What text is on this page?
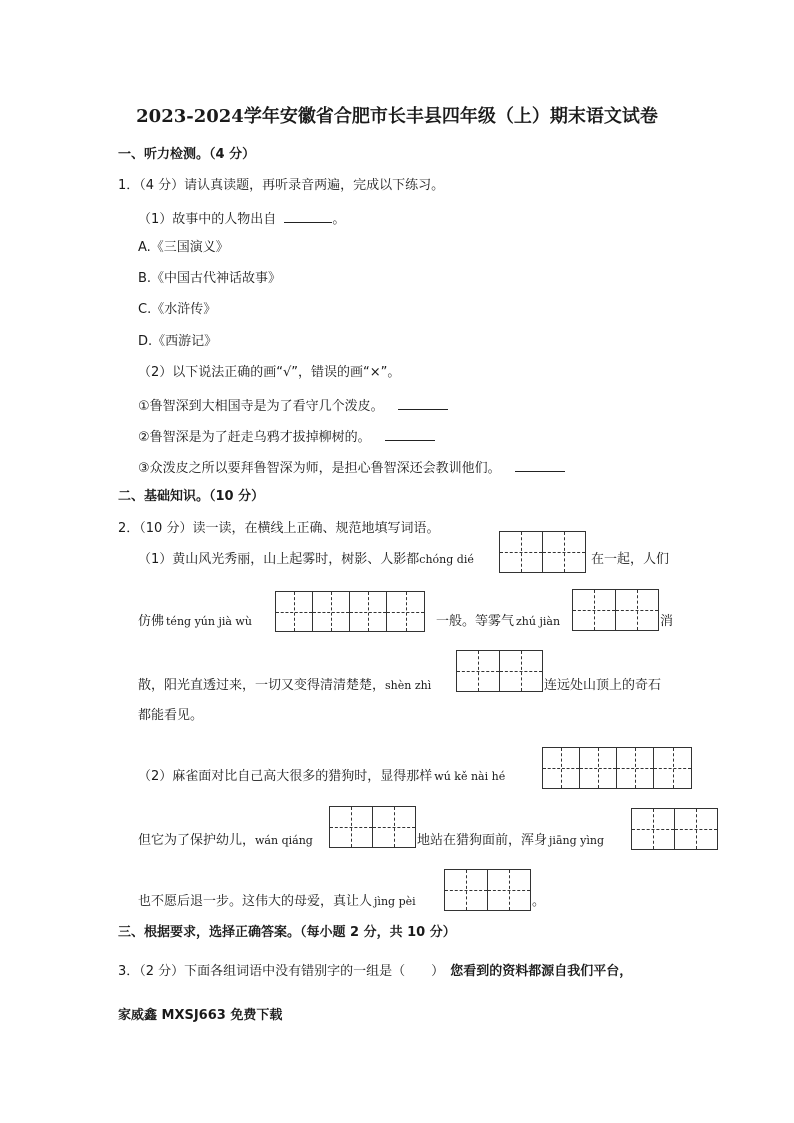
2023-2024学年安徽省合肥市长丰县四年级（上）期末语文试卷
一、听力检测。（4 分）
1．（4 分）请认真读题，再听录音两遍，完成以下练习。
（1）故事中的人物出自	。
A.《三国演义》
B.《中国古代神话故事》
C.《水浒传》
D.《西游记》
（2）以下说法正确的画“√”，错误的画“×”。
①鲁智深到大相国寺是为了看守几个泼皮。
②鲁智深是为了赶走乌鸦才拔掉柳树的。
③众泼皮之所以要拜鲁智深为师，是担心鲁智深还会教训他们。
二、基础知识。（10 分）
2．（10 分）读一读，在横线上正确、规范地填写词语。
（1）黄山风光秀丽，山上起雾时，树影、人影都chóng dié	在一起，人们
仿佛 téng yún jià wù	一般。等雾气 zhú jiàn	消
散，阳光直透过来，一切又变得清清楚楚，shèn zhì	连远处山顶上的奇石
都能看见。
（2）麻雀面对比自己高大很多的猎狗时，显得那样 wú kě nài hé
但它为了保护幼儿，wán qiáng	地站在猎狗面前，浑身 jiāng yìng
也不愿后退一步。这伟大的母爱，真让人 jìng pèi	。
三、根据要求，选择正确答案。（每小题 2 分，共 10 分）
3．（2 分）下面各组词语中没有错别字的一组是（　　） 您看到的资料都源自我们平台，
家威鑫 MXSJ663 免费下载
